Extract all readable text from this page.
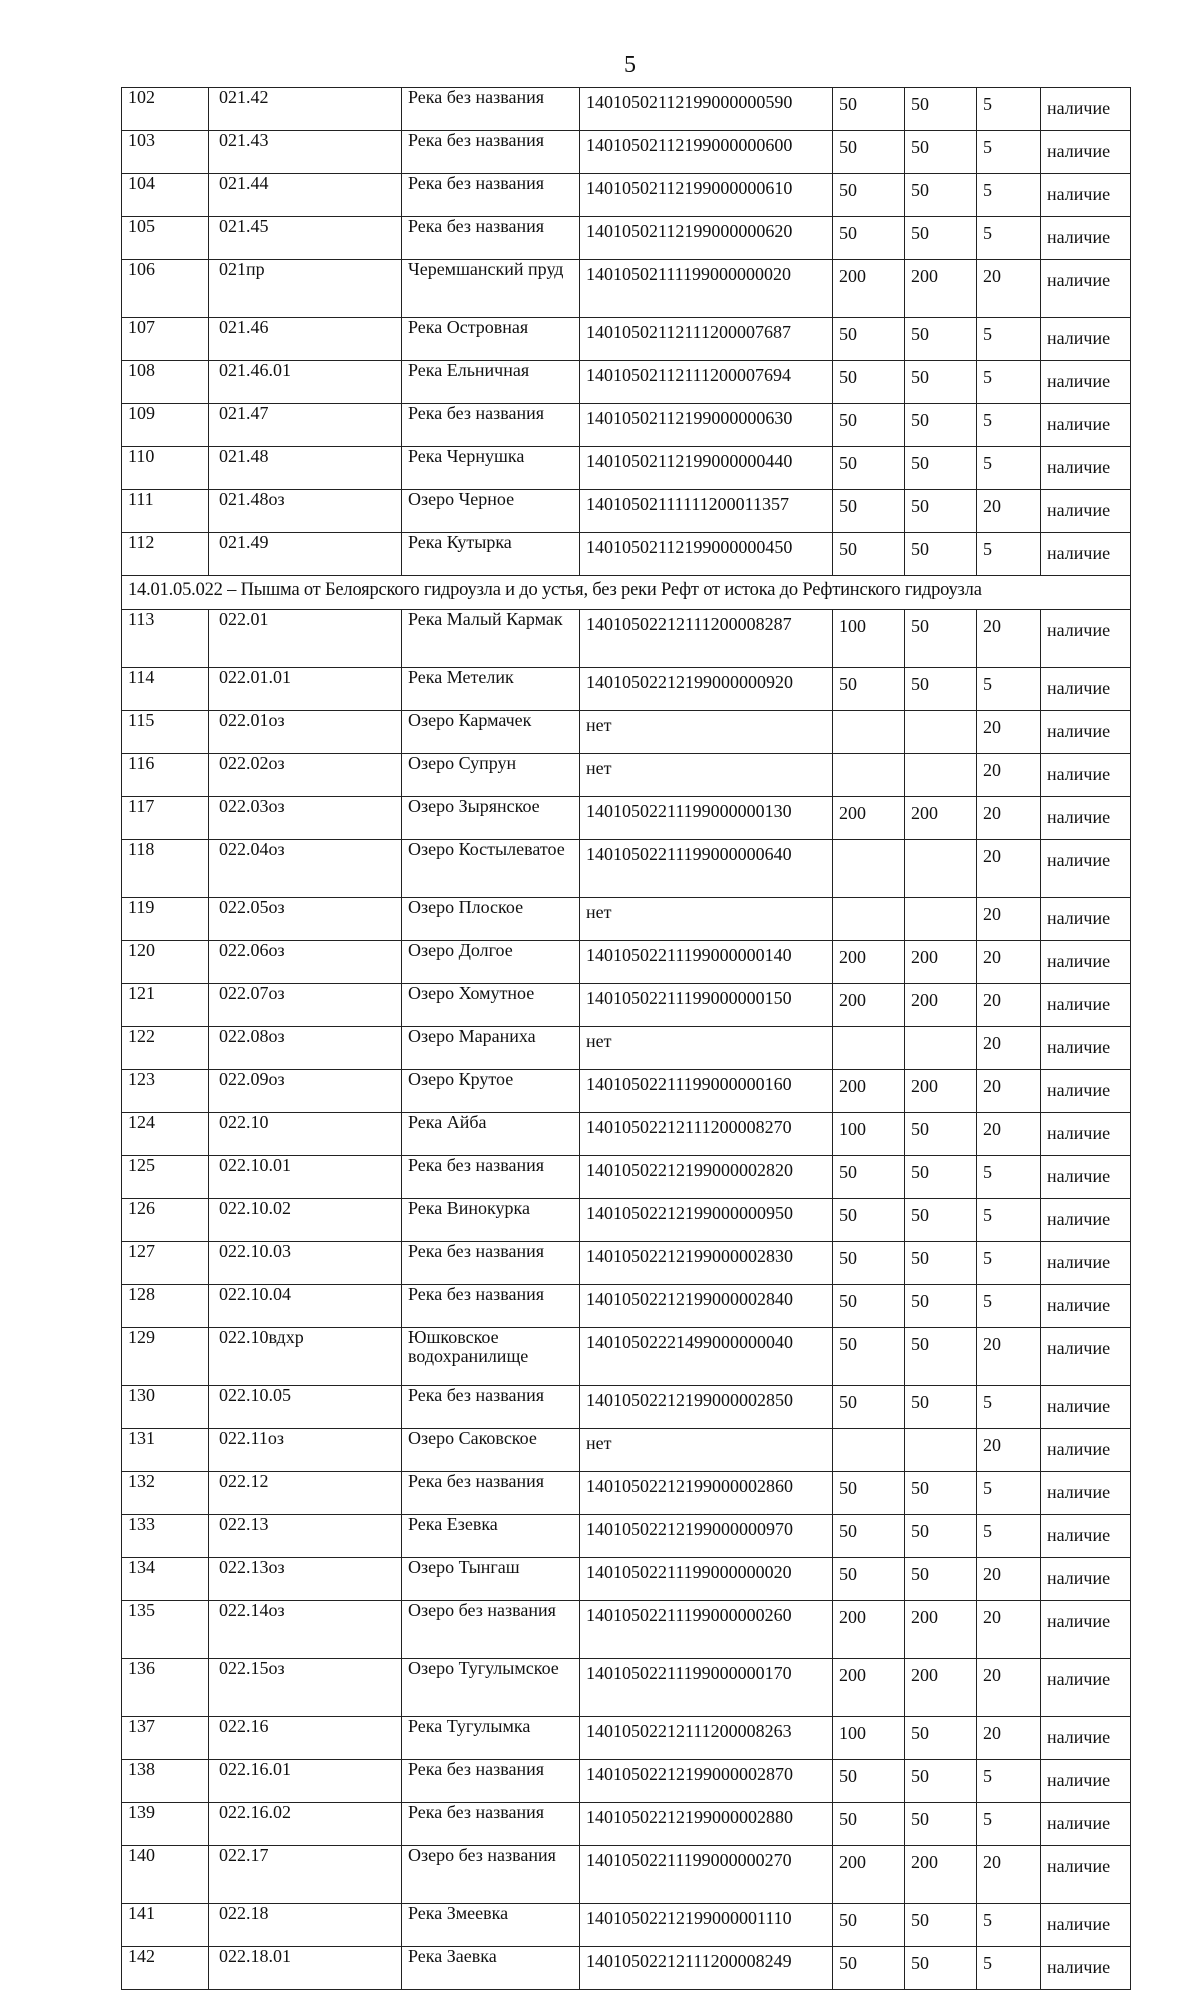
5
102	021.42	Река без названия	14010502112199000000590	50	50	5	наличие
103	021.43	Река без названия	14010502112199000000600	50	50	5	наличие
104	021.44	Река без названия	14010502112199000000610	50	50	5	наличие
105	021.45	Река без названия	14010502112199000000620	50	50	5	наличие
106	021пр	Черемшанский пруд	14010502111199000000020	200	200	20	наличие
107	021.46	Река Островная	14010502112111200007687	50	50	5	наличие
108	021.46.01	Река Ельничная	14010502112111200007694	50	50	5	наличие
109	021.47	Река без названия	14010502112199000000630	50	50	5	наличие
110	021.48	Река Чернушка	14010502112199000000440	50	50	5	наличие
111	021.48оз	Озеро Черное	14010502111111200011357	50	50	20	наличие
112	021.49	Река Кутырка	14010502112199000000450	50	50	5	наличие
14.01.05.022 – Пышма от Белоярского гидроузла и до устья, без реки Рефт от истока до Рефтинского гидроузла							
113	022.01	Река Малый Кармак	14010502212111200008287	100	50	20	наличие
114	022.01.01	Река Метелик	14010502212199000000920	50	50	5	наличие
115	022.01оз	Озеро Кармачек	нет			20	наличие
116	022.02оз	Озеро Супрун	нет			20	наличие
117	022.03оз	Озеро Зырянское	14010502211199000000130	200	200	20	наличие
118	022.04оз	Озеро Костылеватое	14010502211199000000640			20	наличие
119	022.05оз	Озеро Плоское	нет			20	наличие
120	022.06оз	Озеро Долгое	14010502211199000000140	200	200	20	наличие
121	022.07оз	Озеро Хомутное	14010502211199000000150	200	200	20	наличие
122	022.08оз	Озеро Мараниха	нет			20	наличие
123	022.09оз	Озеро Крутое	14010502211199000000160	200	200	20	наличие
124	022.10	Река Айба	14010502212111200008270	100	50	20	наличие
125	022.10.01	Река без названия	14010502212199000002820	50	50	5	наличие
126	022.10.02	Река Винокурка	14010502212199000000950	50	50	5	наличие
127	022.10.03	Река без названия	14010502212199000002830	50	50	5	наличие
128	022.10.04	Река без названия	14010502212199000002840	50	50	5	наличие
129	022.10вдхр	Юшковское водохранилище	14010502221499000000040	50	50	20	наличие
130	022.10.05	Река без названия	14010502212199000002850	50	50	5	наличие
131	022.11оз	Озеро Саковское	нет			20	наличие
132	022.12	Река без названия	14010502212199000002860	50	50	5	наличие
133	022.13	Река Езевка	14010502212199000000970	50	50	5	наличие
134	022.13оз	Озеро Тынгаш	14010502211199000000020	50	50	20	наличие
135	022.14оз	Озеро без названия	14010502211199000000260	200	200	20	наличие
136	022.15оз	Озеро Тугулымское	14010502211199000000170	200	200	20	наличие
137	022.16	Река Тугулымка	14010502212111200008263	100	50	20	наличие
138	022.16.01	Река без названия	14010502212199000002870	50	50	5	наличие
139	022.16.02	Река без названия	14010502212199000002880	50	50	5	наличие
140	022.17	Озеро без названия	14010502211199000000270	200	200	20	наличие
141	022.18	Река Змеевка	14010502212199000001110	50	50	5	наличие
142	022.18.01	Река Заевка	14010502212111200008249	50	50	5	наличие
